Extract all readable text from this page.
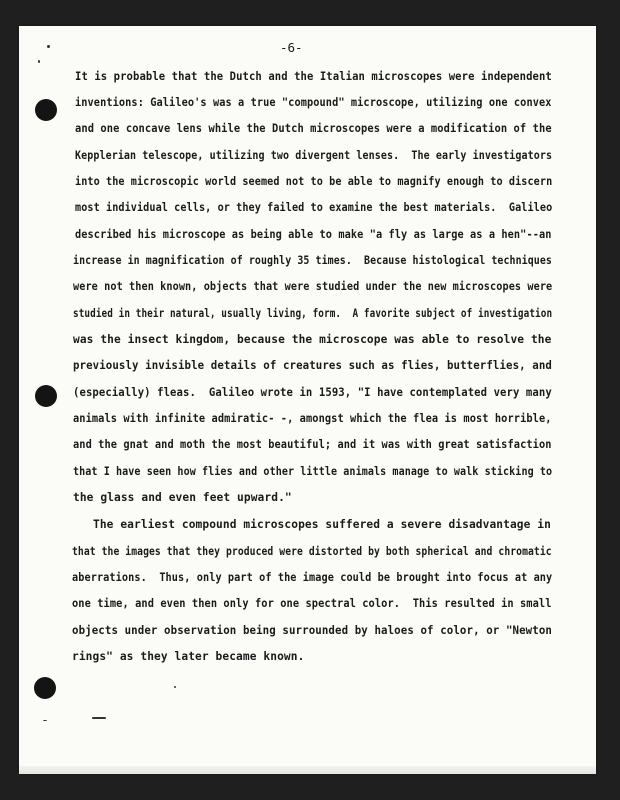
-6-
It is probable that the Dutch and the Italian microscopes were independent
inventions: Galileo's was a true "compound" microscope, utilizing one convex
and one concave lens while the Dutch microscopes were a modification of the
Kepplerian telescope, utilizing two divergent lenses.  The early investigators
into the microscopic world seemed not to be able to magnify enough to discern
most individual cells, or they failed to examine the best materials.  Galileo
described his microscope as being able to make "a fly as large as a hen"--an
increase in magnification of roughly 35 times.  Because histological techniques
were not then known, objects that were studied under the new microscopes were
studied in their natural, usually living, form.  A favorite subject of investigation
was the insect kingdom, because the microscope was able to resolve the
previously invisible details of creatures such as flies, butterflies, and
(especially) fleas.  Galileo wrote in 1593, "I have contemplated very many
animals with infinite admiratic- -, amongst which the flea is most horrible,
and the gnat and moth the most beautiful; and it was with great satisfaction
that I have seen how flies and other little animals manage to walk sticking to
the glass and even feet upward."
The earliest compound microscopes suffered a severe disadvantage in
that the images that they produced were distorted by both spherical and chromatic
aberrations.  Thus, only part of the image could be brought into focus at any
one time, and even then only for one spectral color.  This resulted in small
objects under observation being surrounded by haloes of color, or "Newton
rings" as they later became known.
